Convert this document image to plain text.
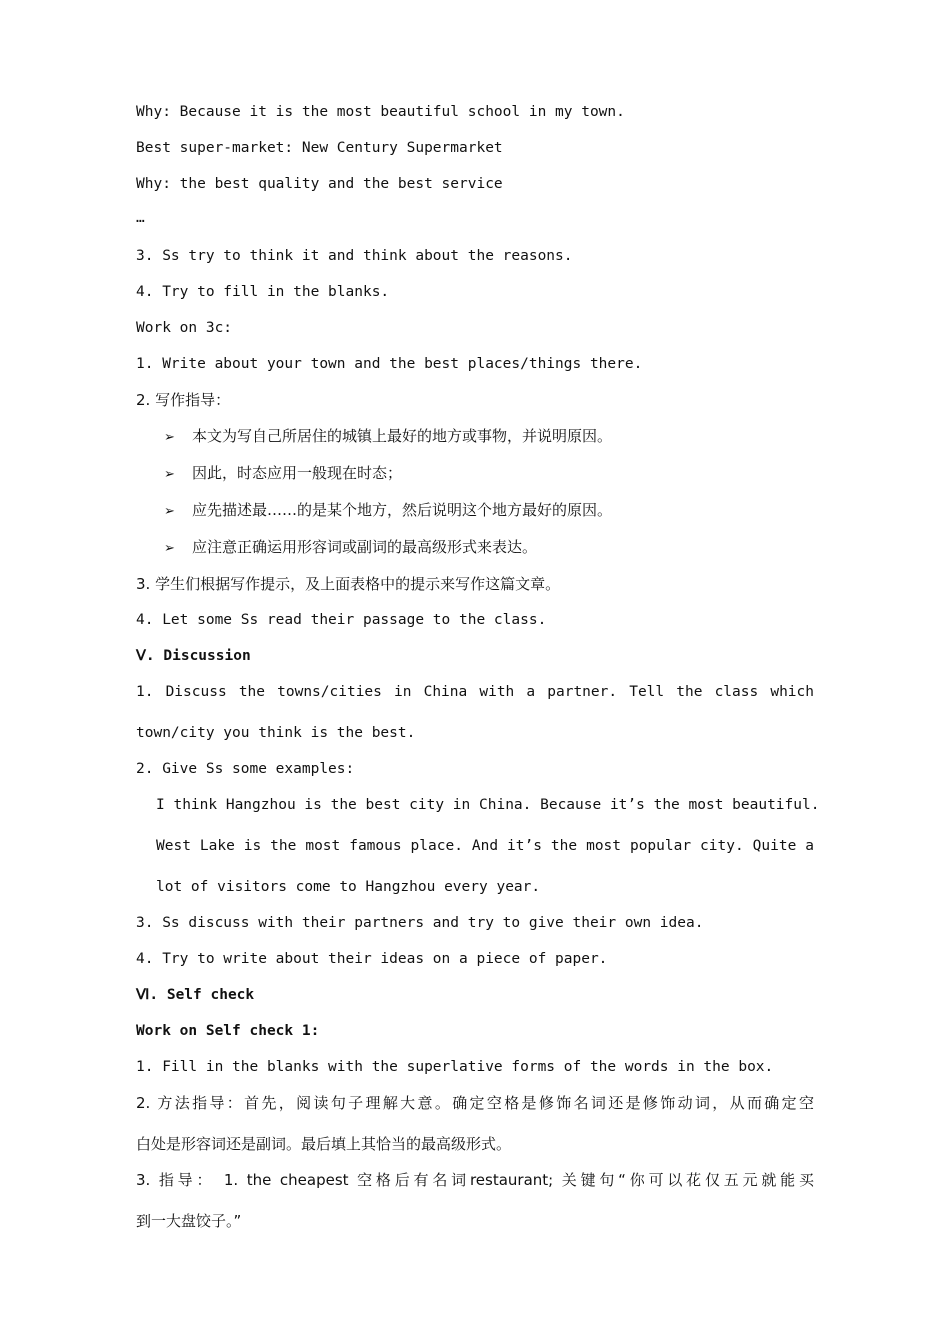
Why: Because it is the most beautiful school in my town.
Best super-market: New Century Supermarket
Why: the best quality and the best service
…
3. Ss try to think it and think about the reasons.
4. Try to fill in the blanks.
Work on 3c:
1. Write about your town and the best places/things there.
2. 写作指导：
➢ 本文为写自己所居住的城镇上最好的地方或事物，并说明原因。
➢ 因此，时态应用一般现在时态；
➢ 应先描述最……的是某个地方，然后说明这个地方最好的原因。
➢ 应注意正确运用形容词或副词的最高级形式来表达。
3. 学生们根据写作提示，及上面表格中的提示来写作这篇文章。
4. Let some Ss read their passage to the class.
Ⅴ. Discussion
1. Discuss the towns/cities in China with a partner. Tell the class which
town/city you think is the best.
2. Give Ss some examples:
I think Hangzhou is the best city in China. Because it’s the most beautiful.
West Lake is the most famous place. And it’s the most popular city. Quite a
lot of visitors come to Hangzhou every year.
3. Ss discuss with their partners and try to give their own idea.
4. Try to write about their ideas on a piece of paper.
Ⅵ. Self check
Work on Self check 1:
1. Fill in the blanks with the superlative forms of the words in the box.
2. 方法指导：首先，阅读句子理解大意。确定空格是修饰名词还是修饰动词，从而确定空
白处是形容词还是副词。最后填上其恰当的最高级形式。
3. 指导： 1. the cheapest 空格后有名词restaurant; 关键句“你可以花仅五元就能买
到一大盘饺子。”
